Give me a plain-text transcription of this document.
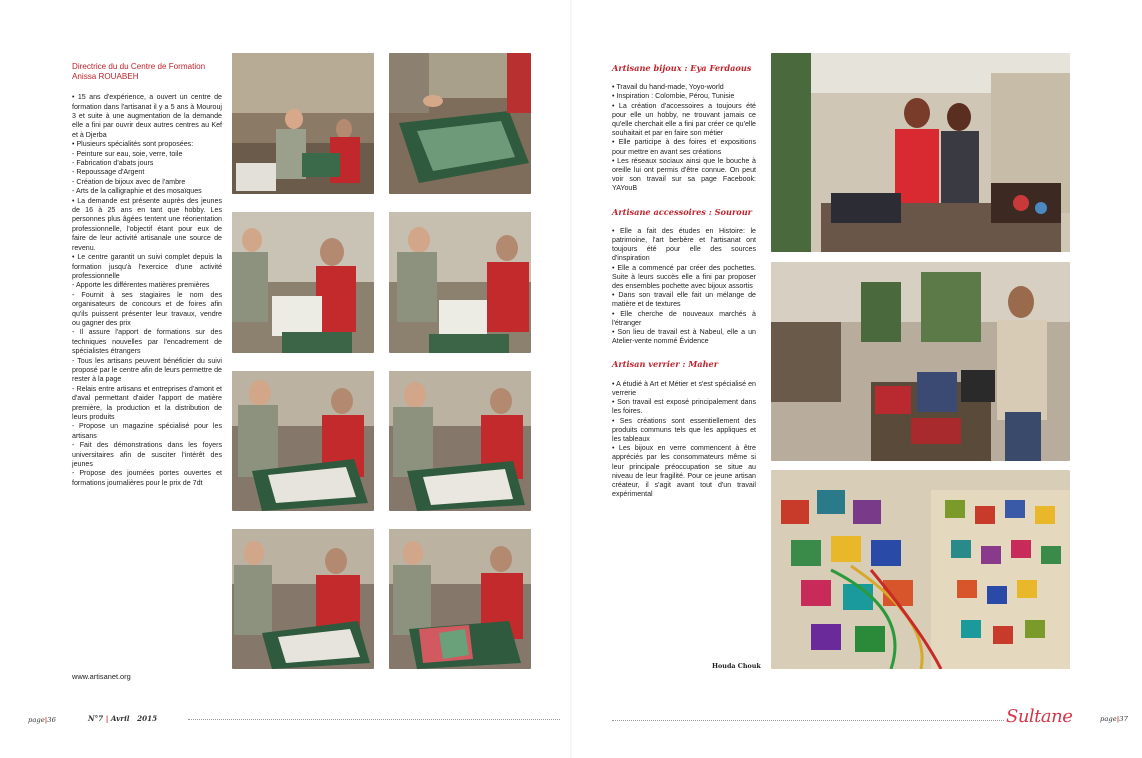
Directrice du du Centre de Formation
Anissa ROUABEH
• 15 ans d'expérience, a ouvert un centre de formation dans l'artisanat il y a 5 ans à Mourouj 3 et suite à une augmentation de la demande elle a fini par ouvrir deux autres centres au Kef et à Djerba
• Plusieurs spécialités sont proposées:
- Peinture sur eau, soie, verre, toile
- Fabrication d'abats jours
- Repoussage d'Argent
- Création de bijoux avec de l'ambre
- Arts de la calligraphie et des mosaïques
• La demande est présente auprès des jeunes de 16 à 25 ans en tant que hobby. Les personnes plus âgées tentent une réorientation professionnelle, l'objectif étant pour eux de faire de leur activité artisanale une source de revenu.
• Le centre garantit un suivi complet depuis la formation jusqu'à l'exercice d'une activité professionnelle
- Apporte les différentes matières premières
- Fournit à ses stagiaires le nom des organisateurs de concours et de foires afin qu'ils puissent présenter leur travaux, vendre ou gagner des prix
- Il assure l'apport de formations sur des techniques nouvelles par l'encadrement de spécialistes étrangers
- Tous les artisans peuvent bénéficier du suivi proposé par le centre afin de leurs permettre de rester à la page
- Relais entre artisans et entreprises d'amont et d'aval permettant d'aider l'apport de matière première, la production et la distribution de leurs produits
- Propose un magazine spécialisé pour les artisans
- Fait des démonstrations dans les foyers universitaires afin de susciter l'intérêt des jeunes
- Propose des journées portes ouvertes et formations journalières pour le prix de 7dt
www.artisanet.org
Artisane bijoux : Eya Ferdaous
• Travail du hand-made, Yoyo-world
• Inspiration : Colombie, Pérou, Tunisie
• La création d'accessoires a toujours été pour elle un hobby, ne trouvant jamais ce qu'elle cherchait elle a fini par créer ce qu'elle souhaitait et par en faire son métier
• Elle participe à des foires et expositions pour mettre en avant ses créations
• Les réseaux sociaux ainsi que le bouche à oreille lui ont permis d'être connue. On peut voir son travail sur sa page Facebook: YAYouB
Artisane accessoires : Sourour
• Elle a fait des études en Histoire: le patrimoine, l'art berbère et l'artisanat ont toujours été pour elle des sources d'inspiration
• Elle a commencé par créer des pochettes. Suite à leurs succès elle a fini par proposer des ensembles pochette avec bijoux assortis
• Dans son travail elle fait un mélange de matière et de textures
• Elle cherche de nouveaux marchés à l'étranger
• Son lieu de travail est à Nabeul, elle a un Atelier-vente nommé Évidence
Artisan verrier : Maher
• A étudié à Art et Métier et s'est spécialisé en verrerie
• Son travail est exposé principalement dans les foires.
• Ses créations sont essentiellement des produits communs tels que les appliques et les tableaux
• Les bijoux en verre commencent à être appréciés par les consommateurs même si leur principale préoccupation se situe au niveau de leur fragilité. Pour ce jeune artisan créateur, il s'agit avant tout d'un travail expérimental
Houda Chouk
page|36	N°7 | Avril 2015	Sultane	page|37
